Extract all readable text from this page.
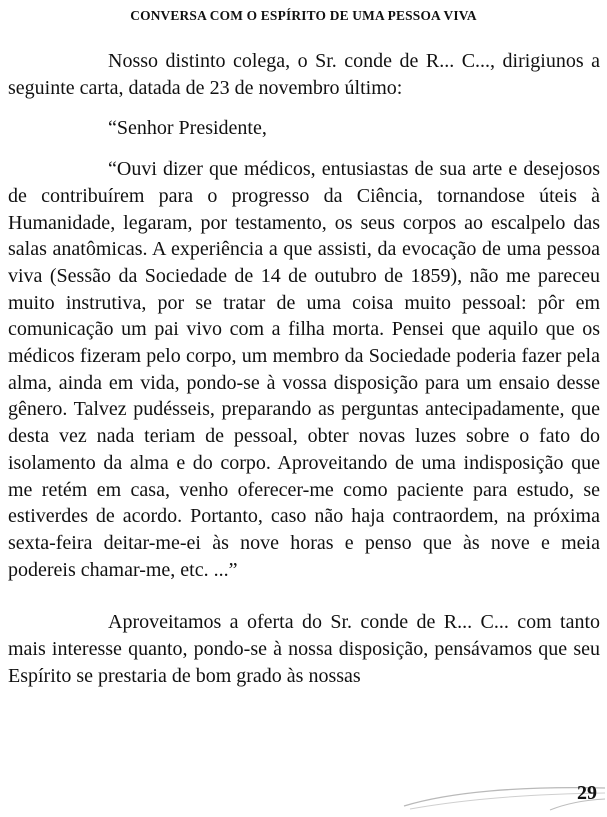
CONVERSA COM O ESPÍRITO DE UMA PESSOA VIVA

Nosso distinto colega, o Sr. conde de R... C..., dirigiunos a seguinte carta, datada de 23 de novembro último:

“Senhor Presidente,

“Ouvi dizer que médicos, entusiastas de sua arte e desejosos de contribuírem para o progresso da Ciência, tornandose úteis à Humanidade, legaram, por testamento, os seus corpos ao escalpelo das salas anatômicas. A experiência a que assisti, da evocação de uma pessoa viva (Sessão da Sociedade de 14 de outubro de 1859), não me pareceu muito instrutiva, por se tratar de uma coisa muito pessoal: pôr em comunicação um pai vivo com a filha morta. Pensei que aquilo que os médicos fizeram pelo corpo, um membro da Sociedade poderia fazer pela alma, ainda em vida, pondo-se à vossa disposição para um ensaio desse gênero. Talvez pudésseis, preparando as perguntas antecipadamente, que desta vez nada teriam de pessoal, obter novas luzes sobre o fato do isolamento da alma e do corpo. Aproveitando de uma indisposição que me retém em casa, venho oferecer-me como paciente para estudo, se estiverdes de acordo. Portanto, caso não haja contraordem, na próxima sexta-feira deitar-me-ei às nove horas e penso que às nove e meia podereis chamar-me, etc. ...”

Aproveitamos a oferta do Sr. conde de R... C... com tanto mais interesse quanto, pondo-se à nossa disposição, pensávamos que seu Espírito se prestaria de bom grado às nossas

29
